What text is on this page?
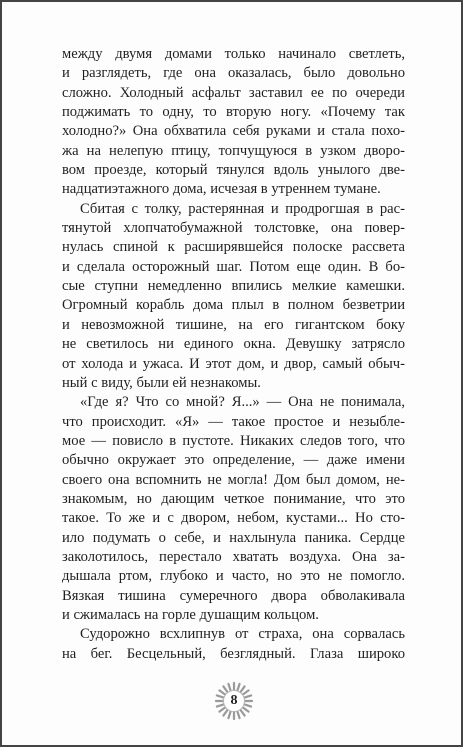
между двумя домами только начинало светлеть,
и разглядеть, где она оказалась, было довольно
сложно. Холодный асфальт заставил ее по очереди
поджимать то одну, то вторую ногу. «Почему так
холодно?» Она обхватила себя руками и стала похо-
жа на нелепую птицу, топчущуюся в узком дворо-
вом проезде, который тянулся вдоль унылого две-
надцатиэтажного дома, исчезая в утреннем тумане.
Сбитая с толку, растерянная и продрогшая в рас-
тянутой хлопчатобумажной толстовке, она повер-
нулась спиной к расширявшейся полоске рассвета
и сделала осторожный шаг. Потом еще один. В бо-
сые ступни немедленно впились мелкие камешки.
Огромный корабль дома плыл в полном безветрии
и невозможной тишине, на его гигантском боку
не светилось ни единого окна. Девушку затрясло
от холода и ужаса. И этот дом, и двор, самый обыч-
ный с виду, были ей незнакомы.
«Где я? Что со мной? Я...» — Она не понимала,
что происходит. «Я» — такое простое и незыбле-
мое — повисло в пустоте. Никаких следов того, что
обычно окружает это определение, — даже имени
своего она вспомнить не могла! Дом был домом, не-
знакомым, но дающим четкое понимание, что это
такое. То же и с двором, небом, кустами... Но сто-
ило подумать о себе, и нахлынула паника. Сердце
заколотилось, перестало хватать воздуха. Она за-
дышала ртом, глубоко и часто, но это не помогло.
Вязкая тишина сумеречного двора обволакивала
и сжималась на горле душащим кольцом.
Судорожно всхлипнув от страха, она сорвалась
на бег. Бесцельный, безглядный. Глаза широко
8
